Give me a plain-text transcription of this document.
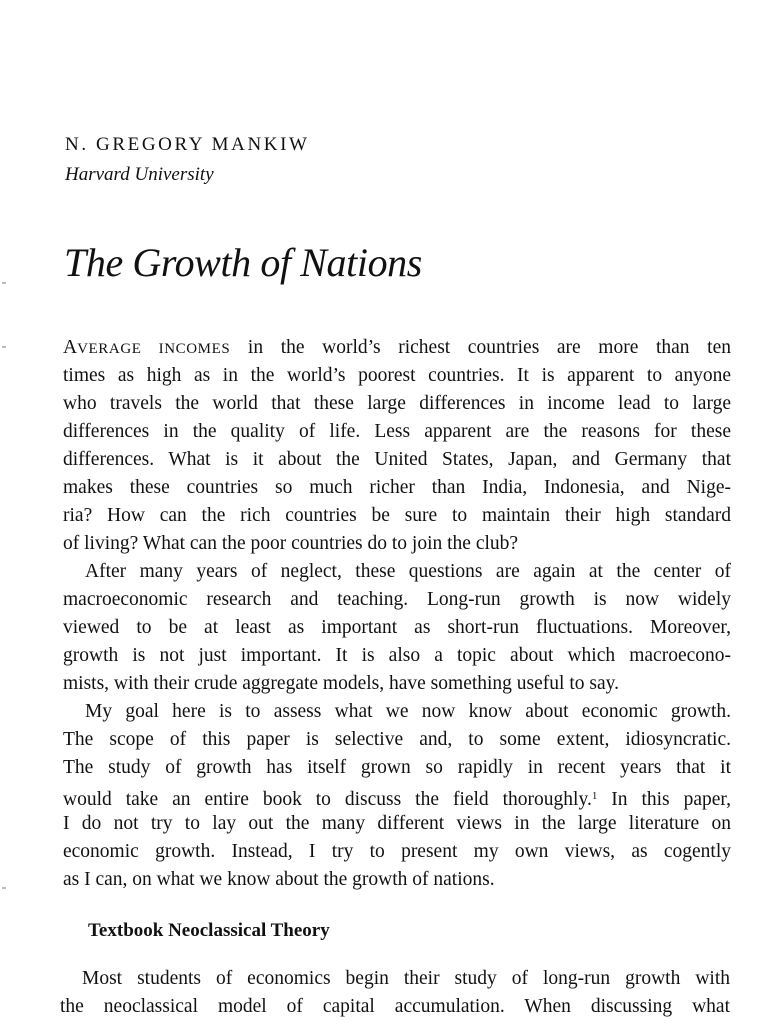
N. GREGORY MANKIW
Harvard University
The Growth of Nations
AVERAGE INCOMES in the world’s richest countries are more than ten
times as high as in the world’s poorest countries. It is apparent to anyone
who travels the world that these large differences in income lead to large
differences in the quality of life. Less apparent are the reasons for these
differences. What is it about the United States, Japan, and Germany that
makes these countries so much richer than India, Indonesia, and Nige-
ria? How can the rich countries be sure to maintain their high standard
of living? What can the poor countries do to join the club?
After many years of neglect, these questions are again at the center of
macroeconomic research and teaching. Long-run growth is now widely
viewed to be at least as important as short-run fluctuations. Moreover,
growth is not just important. It is also a topic about which macroecono-
mists, with their crude aggregate models, have something useful to say.
My goal here is to assess what we now know about economic growth.
The scope of this paper is selective and, to some extent, idiosyncratic.
The study of growth has itself grown so rapidly in recent years that it
would take an entire book to discuss the field thoroughly.$^1$ In this paper,
I do not try to lay out the many different views in the large literature on
economic growth. Instead, I try to present my own views, as cogently
as I can, on what we know about the growth of nations.
Textbook Neoclassical Theory
Most students of economics begin their study of long-run growth with
the neoclassical model of capital accumulation. When discussing what
